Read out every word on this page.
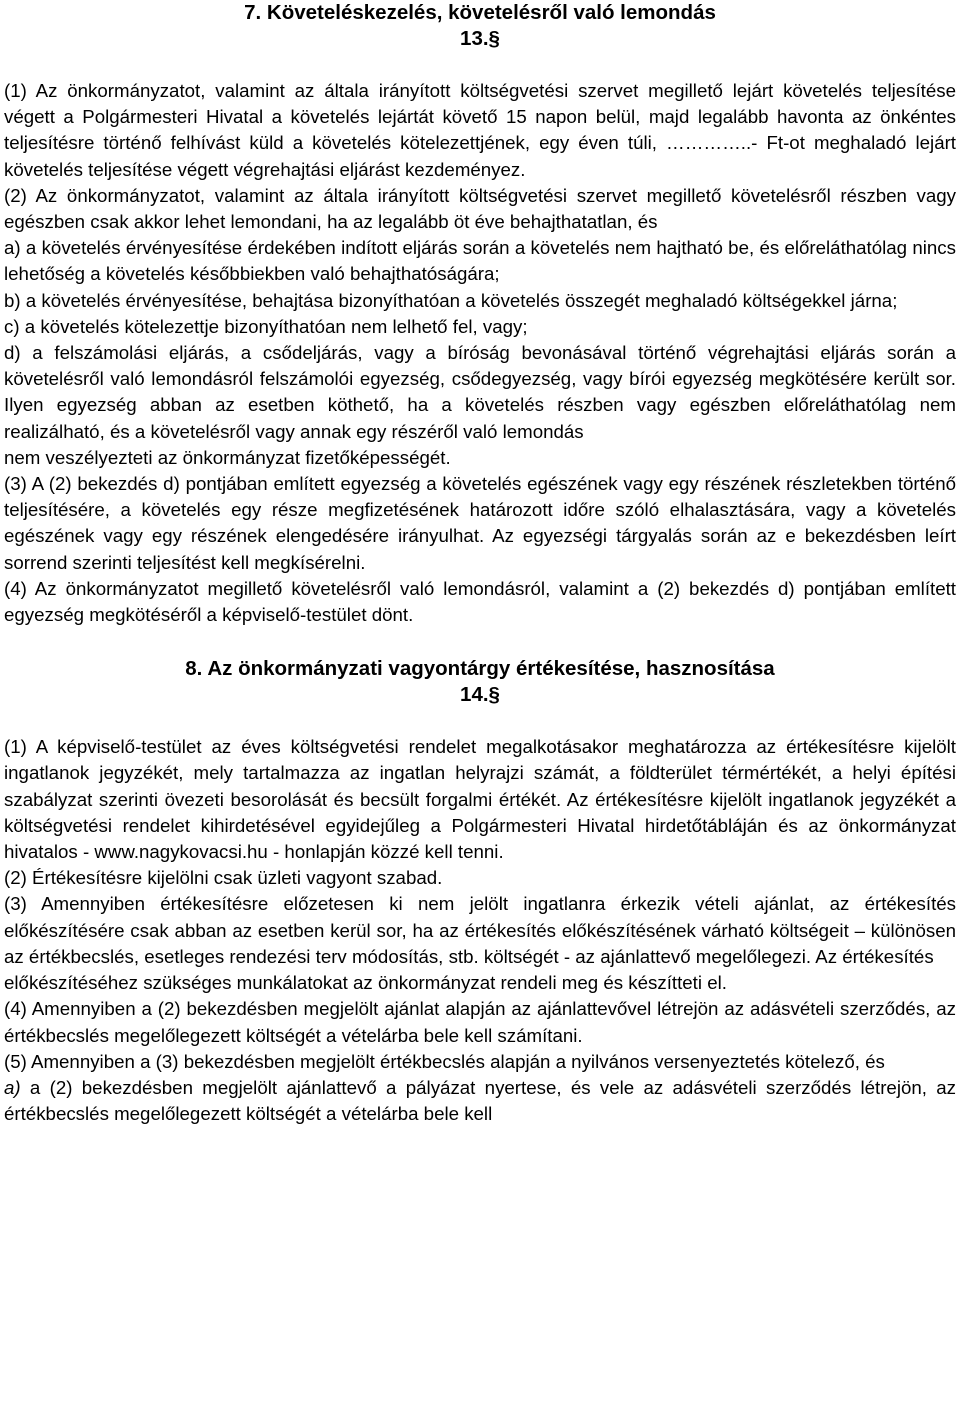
7. Követeléskezelés, követelésről való lemondás
13.§

(1) Az önkormányzatot, valamint az általa irányított költségvetési szervet megillető lejárt követelés teljesítése végett a Polgármesteri Hivatal a követelés lejártát követő 15 napon belül, majd legalább havonta az önkéntes teljesítésre történő felhívást küld a követelés kötelezettjének, egy éven túli, …………..- Ft-ot meghaladó lejárt követelés teljesítése végett végrehajtási eljárást kezdeményez.

(2) Az önkormányzatot, valamint az általa irányított költségvetési szervet megillető követelésről részben vagy egészben csak akkor lehet lemondani, ha az legalább öt éve behajthatatlan, és

a) a követelés érvényesítése érdekében indított eljárás során a követelés nem hajtható be, és előreláthatólag nincs lehetőség a követelés későbbiekben való behajthatóságára;

b) a követelés érvényesítése, behajtása bizonyíthatóan a követelés összegét meghaladó költségekkel járna;

c) a követelés kötelezettje bizonyíthatóan nem lelhető fel, vagy;

d) a felszámolási eljárás, a csődeljárás, vagy a bíróság bevonásával történő végrehajtási eljárás során a követelésről való lemondásról felszámolói egyezség, csődegyezség, vagy bírói egyezség megkötésére került sor. Ilyen egyezség abban az esetben köthető, ha a követelés részben vagy egészben előreláthatólag nem realizálható, és a követelésről vagy annak egy részéről való lemondás

nem veszélyezteti az önkormányzat fizetőképességét.

(3) A (2) bekezdés d) pontjában említett egyezség a követelés egészének vagy egy részének részletekben történő teljesítésére, a követelés egy része megfizetésének határozott időre szóló elhalasztására, vagy a követelés egészének vagy egy részének elengedésére irányulhat. Az egyezségi tárgyalás során az e bekezdésben leírt sorrend szerinti teljesítést kell megkísérelni.

(4) Az önkormányzatot megillető követelésről való lemondásról, valamint a (2) bekezdés d) pontjában említett egyezség megkötéséről a képviselő-testület dönt.

8. Az önkormányzati vagyontárgy értékesítése, hasznosítása
14.§

(1) A képviselő-testület az éves költségvetési rendelet megalkotásakor meghatározza az értékesítésre kijelölt ingatlanok jegyzékét, mely tartalmazza az ingatlan helyrajzi számát, a földterület térmértékét, a helyi építési szabályzat szerinti övezeti besorolását és becsült forgalmi értékét. Az értékesítésre kijelölt ingatlanok jegyzékét a költségvetési rendelet kihirdetésével egyidejűleg a Polgármesteri Hivatal hirdetőtábláján és az önkormányzat hivatalos - www.nagykovacsi.hu - honlapján közzé kell tenni.

(2) Értékesítésre kijelölni csak üzleti vagyont szabad.

(3) Amennyiben értékesítésre előzetesen ki nem jelölt ingatlanra érkezik vételi ajánlat, az értékesítés előkészítésére csak abban az esetben kerül sor, ha az értékesítés előkészítésének várható költségeit – különösen az értékbecslés, esetleges rendezési terv módosítás, stb. költségét - az ajánlattevő megelőlegezi. Az értékesítés

előkészítéséhez szükséges munkálatokat az önkormányzat rendeli meg és készítteti el.

(4) Amennyiben a (2) bekezdésben megjelölt ajánlat alapján az ajánlattevővel létrejön az adásvételi szerződés, az értékbecslés megelőlegezett költségét a vételárba bele kell számítani.

(5) Amennyiben a (3) bekezdésben megjelölt értékbecslés alapján a nyilvános versenyeztetés kötelező, és

a) a (2) bekezdésben megjelölt ajánlattevő a pályázat nyertese, és vele az adásvételi szerződés létrejön, az értékbecslés megelőlegezett költségét a vételárba bele kell
